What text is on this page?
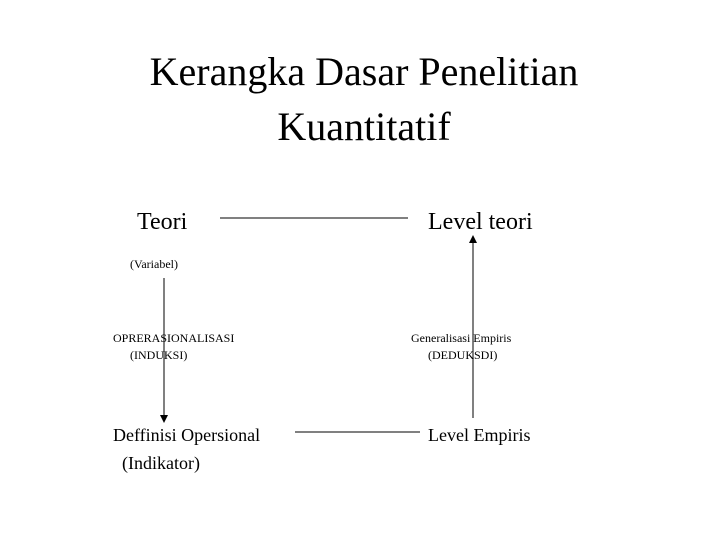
Kerangka Dasar Penelitian
Kuantitatif
Teori
(Variabel)
Level teori
OPRERASIONALISASI
(INDUKSI)
Generalisasi Empiris
(DEDUKSDI)
Deffinisi Opersional
(Indikator)
Level Empiris
